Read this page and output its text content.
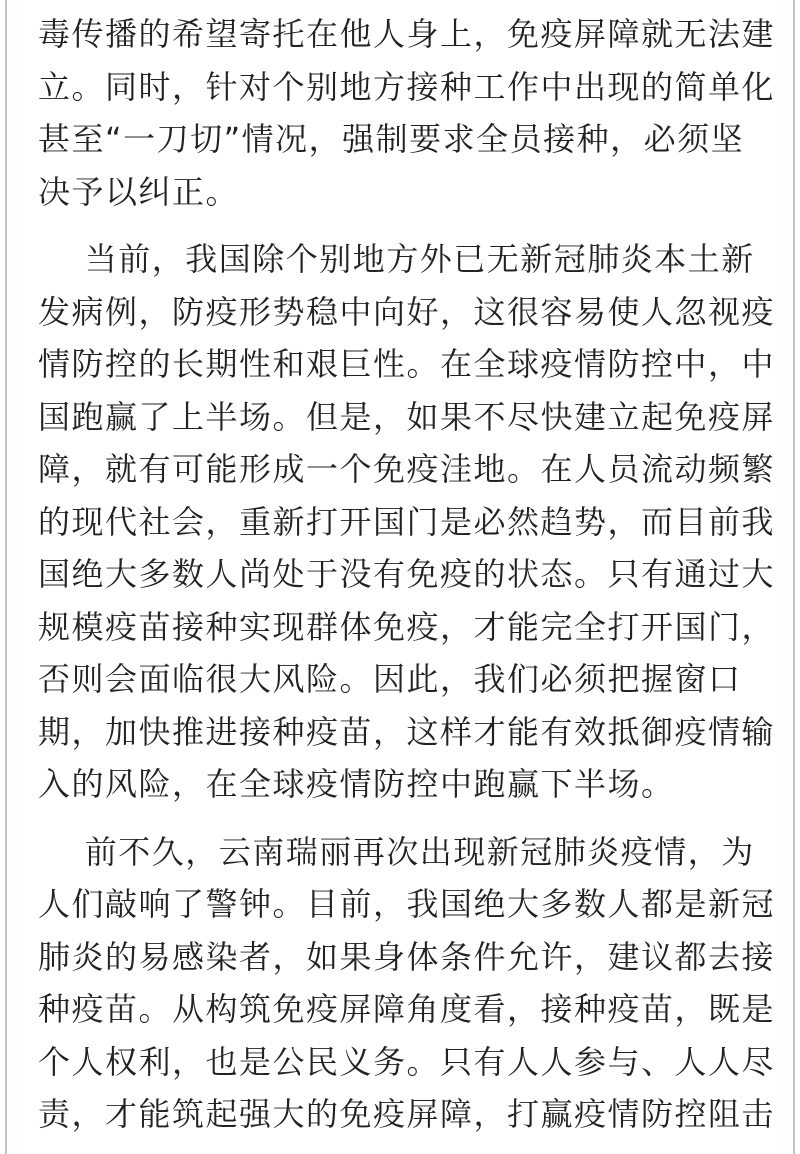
毒传播的希望寄托在他人身上，免疫屏障就无法建
立。同时，针对个别地方接种工作中出现的简单化
甚至“一刀切”情况，强制要求全员接种，必须坚
决予以纠正。

当前，我国除个别地方外已无新冠肺炎本土新
发病例，防疫形势稳中向好，这很容易使人忽视疫
情防控的长期性和艰巨性。在全球疫情防控中，中
国跑赢了上半场。但是，如果不尽快建立起免疫屏
障，就有可能形成一个免疫洼地。在人员流动频繁
的现代社会，重新打开国门是必然趋势，而目前我
国绝大多数人尚处于没有免疫的状态。只有通过大
规模疫苗接种实现群体免疫，才能完全打开国门，
否则会面临很大风险。因此，我们必须把握窗口
期，加快推进接种疫苗，这样才能有效抵御疫情输
入的风险，在全球疫情防控中跑赢下半场。

前不久，云南瑞丽再次出现新冠肺炎疫情，为
人们敲响了警钟。目前，我国绝大多数人都是新冠
肺炎的易感染者，如果身体条件允许，建议都去接
种疫苗。从构筑免疫屏障角度看，接种疫苗，既是
个人权利，也是公民义务。只有人人参与、人人尽
责，才能筑起强大的免疫屏障，打赢疫情防控阻击
